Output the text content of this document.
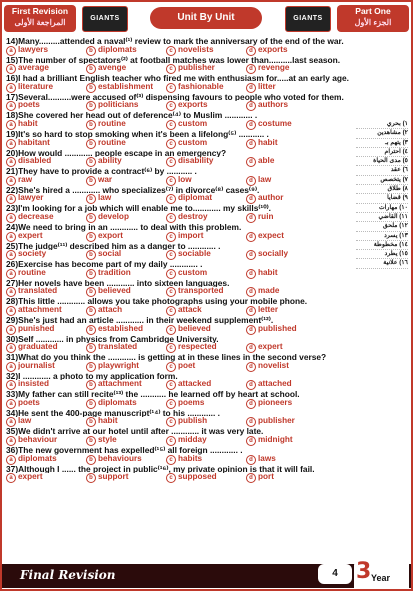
First Revision
المراجعة الأولى	GIANTS	Unit By Unit	GIANTS
Part One
الجزء الأول
14)Many.........attended a naval⁽¹⁾ review to mark the anniversary of the end of the war.
a lawyers	b diplomats	c novelists	d exports
15)The number of spectators⁽²⁾ at football matches was lower than..........last season.
a average	b avenge	c publisher	d revenge
16)I had a brilliant English teacher who fired me with enthusiasm for.....at an early age.
a literature	b establishment	c fashionable	d litter
17)Several..........were accused of⁽³⁾ dispensing favours to people who voted for them.
a poets	b politicians	c exports	d authors
18)She covered her head out of deference⁽⁴⁾ to Muslim ............ .
a habit	b routine	c custom	d costume
19)It's so hard to stop smoking when it's been a lifelong⁽⁵⁾ ........... .
a habitant	b routine	c custom	d habit
20)How would ............ people escape in an emergency?
a disabled	b ability	c disability	d able
21)They have to provide a contract⁽⁶⁾ by ........... .
a raw	b war	c low	d law
22)She's hired a ............ who specializes⁽⁷⁾ in divorce⁽⁸⁾ cases⁽⁹⁾.
a lawyer	b law	c diplomat	d author
23)I'm looking for a job which will enable me to............ my skills⁽¹⁰⁾.
a decrease	b develop	c destroy	d ruin
24)We need to bring in an ............ to deal with this problem.
a expert	b export	c import	d expect
25)The judge⁽¹¹⁾ described him as a danger to ............ .
a society	b social	c sociable	d socially
26)Exercise has become part of my daily ............ .
a routine	b tradition	c custom	d habit
27)Her novels have been ............ into sixteen languages.
a translated	b believed	c transported	d made
28)This little ............ allows you take photographs using your mobile phone.
a attachment	b attach	c attack	d letter
29)She's just had an article ............ in their weekend supplement⁽¹²⁾.
a punished	b established	c believed	d published
30)Self ............ in physics from Cambridge University.
a graduated	b translated	c respected	d expert
31)What do you think the ............ is getting at in these lines in the second verse?
a journalist	b playwright	c poet	d novelist
32)I ............ a photo to my application form.
a insisted	b attachment	c attacked	d attached
33)My father can still recite⁽¹³⁾ the ........... he learned off by heart at school.
a poets	b diplomats	c poems	d pioneers
34)He sent the 400-page manuscript⁽¹⁴⁾ to his ............ .
a law	b habit	c publish	d publisher
35)We didn't arrive at our hotel until after ............ it was very late.
a behaviour	b style	c midday	d midnight
36)The new government has expelled⁽¹⁵⁾ all foreign ............ .
a diplomats	b behaviours	c habits	d laws
37)Although I ...... the project in public⁽¹⁶⁾, my private opinion is that it will fail.
a expert	b support	c supposed	d port
١) بحري
٢) مشاهدين
٣) يتهم بـ
٤) احترام
٥) مدى الحياة
٦) عقد
٧) يتخصص
٨) طلاق
٩) قضايا
١٠) مهارات
١١) القاضي
١٢) ملحق
١٣) يسرد
١٤) مخطوطة
١٥) يطرد
١٦) علانية
Final Revision	4 3 Year
